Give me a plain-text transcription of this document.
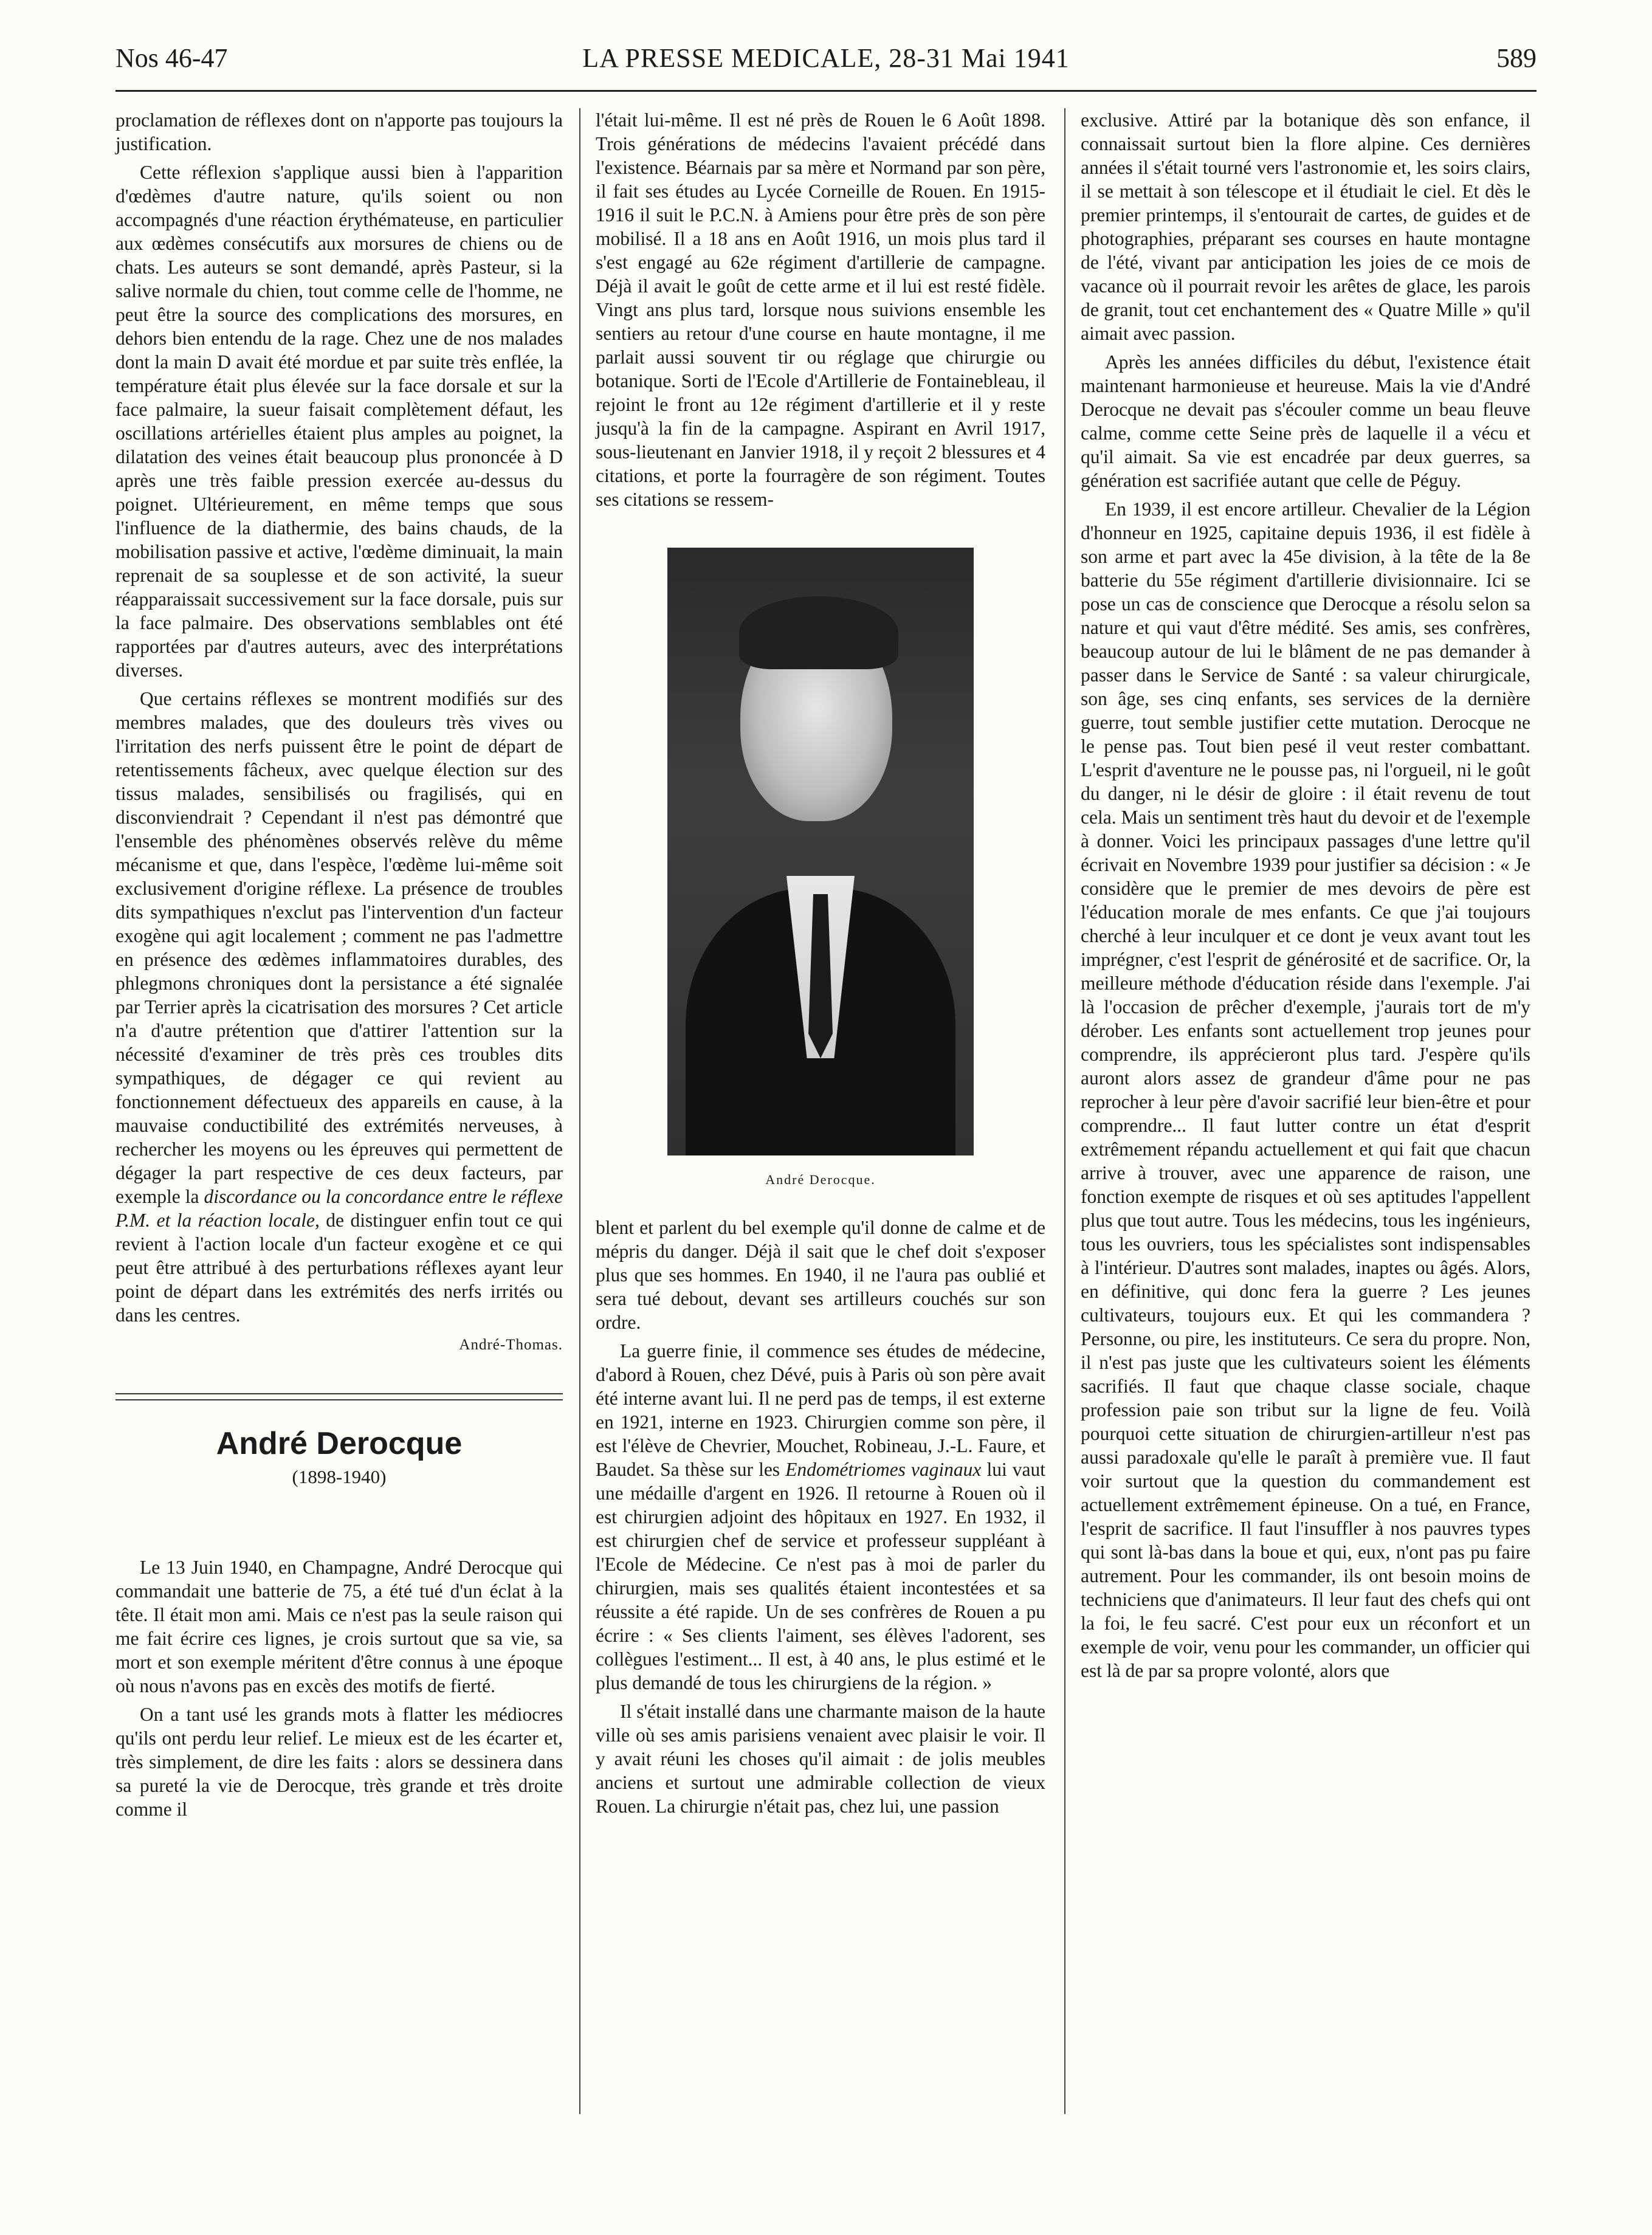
Nos 46-47	LA PRESSE MEDICALE, 28-31 Mai 1941	589

proclamation de réflexes dont on n'apporte pas toujours la justification.

Cette réflexion s'applique aussi bien à l'apparition d'œdèmes d'autre nature, qu'ils soient ou non accompagnés d'une réaction érythémateuse, en particulier aux œdèmes consécutifs aux morsures de chiens ou de chats. Les auteurs se sont demandé, après Pasteur, si la salive normale du chien, tout comme celle de l'homme, ne peut être la source des complications des morsures, en dehors bien entendu de la rage. Chez une de nos malades dont la main D avait été mordue et par suite très enflée, la température était plus élevée sur la face dorsale et sur la face palmaire, la sueur faisait complètement défaut, les oscillations artérielles étaient plus amples au poignet, la dilatation des veines était beaucoup plus prononcée à D après une très faible pression exercée au-dessus du poignet. Ultérieurement, en même temps que sous l'influence de la diathermie, des bains chauds, de la mobilisation passive et active, l'œdème diminuait, la main reprenait de sa souplesse et de son activité, la sueur réapparaissait successivement sur la face dorsale, puis sur la face palmaire. Des observations semblables ont été rapportées par d'autres auteurs, avec des interprétations diverses.

Que certains réflexes se montrent modifiés sur des membres malades, que des douleurs très vives ou l'irritation des nerfs puissent être le point de départ de retentissements fâcheux, avec quelque élection sur des tissus malades, sensibilisés ou fragilisés, qui en disconviendrait ? Cependant il n'est pas démontré que l'ensemble des phénomènes observés relève du même mécanisme et que, dans l'espèce, l'œdème lui-même soit exclusivement d'origine réflexe. La présence de troubles dits sympathiques n'exclut pas l'intervention d'un facteur exogène qui agit localement ; comment ne pas l'admettre en présence des œdèmes inflammatoires durables, des phlegmons chroniques dont la persistance a été signalée par Terrier après la cicatrisation des morsures ? Cet article n'a d'autre prétention que d'attirer l'attention sur la nécessité d'examiner de très près ces troubles dits sympathiques, de dégager ce qui revient au fonctionnement défectueux des appareils en cause, à la mauvaise conductibilité des extrémités nerveuses, à rechercher les moyens ou les épreuves qui permettent de dégager la part respective de ces deux facteurs, par exemple la discordance ou la concordance entre le réflexe P.M. et la réaction locale, de distinguer enfin tout ce qui revient à l'action locale d'un facteur exogène et ce qui peut être attribué à des perturbations réflexes ayant leur point de départ dans les extrémités des nerfs irrités ou dans les centres.

André-Thomas.
André Derocque
(1898-1940)

Le 13 Juin 1940, en Champagne, André Derocque qui commandait une batterie de 75, a été tué d'un éclat à la tête. Il était mon ami. Mais ce n'est pas la seule raison qui me fait écrire ces lignes, je crois surtout que sa vie, sa mort et son exemple méritent d'être connus à une époque où nous n'avons pas en excès des motifs de fierté.

On a tant usé les grands mots à flatter les médiocres qu'ils ont perdu leur relief. Le mieux est de les écarter et, très simplement, de dire les faits : alors se dessinera dans sa pureté la vie de Derocque, très grande et très droite comme il

l'était lui-même. Il est né près de Rouen le 6 Août 1898. Trois générations de médecins l'avaient précédé dans l'existence. Béarnais par sa mère et Normand par son père, il fait ses études au Lycée Corneille de Rouen. En 1915-1916 il suit le P.C.N. à Amiens pour être près de son père mobilisé. Il a 18 ans en Août 1916, un mois plus tard il s'est engagé au 62e régiment d'artillerie de campagne. Déjà il avait le goût de cette arme et il lui est resté fidèle. Vingt ans plus tard, lorsque nous suivions ensemble les sentiers au retour d'une course en haute montagne, il me parlait aussi souvent tir ou réglage que chirurgie ou botanique. Sorti de l'Ecole d'Artillerie de Fontainebleau, il rejoint le front au 12e régiment d'artillerie et il y reste jusqu'à la fin de la campagne. Aspirant en Avril 1917, sous-lieutenant en Janvier 1918, il y reçoit 2 blessures et 4 citations, et porte la fourragère de son régiment. Toutes ses citations se ressem-

André Derocque.

blent et parlent du bel exemple qu'il donne de calme et de mépris du danger. Déjà il sait que le chef doit s'exposer plus que ses hommes. En 1940, il ne l'aura pas oublié et sera tué debout, devant ses artilleurs couchés sur son ordre.

La guerre finie, il commence ses études de médecine, d'abord à Rouen, chez Dévé, puis à Paris où son père avait été interne avant lui. Il ne perd pas de temps, il est externe en 1921, interne en 1923. Chirurgien comme son père, il est l'élève de Chevrier, Mouchet, Robineau, J.-L. Faure, et Baudet. Sa thèse sur les Endométriomes vaginaux lui vaut une médaille d'argent en 1926. Il retourne à Rouen où il est chirurgien adjoint des hôpitaux en 1927. En 1932, il est chirurgien chef de service et professeur suppléant à l'Ecole de Médecine. Ce n'est pas à moi de parler du chirurgien, mais ses qualités étaient incontestées et sa réussite a été rapide. Un de ses confrères de Rouen a pu écrire : « Ses clients l'aiment, ses élèves l'adorent, ses collègues l'estiment... Il est, à 40 ans, le plus estimé et le plus demandé de tous les chirurgiens de la région. »

Il s'était installé dans une charmante maison de la haute ville où ses amis parisiens venaient avec plaisir le voir. Il y avait réuni les choses qu'il aimait : de jolis meubles anciens et surtout une admirable collection de vieux Rouen. La chirurgie n'était pas, chez lui, une passion

exclusive. Attiré par la botanique dès son enfance, il connaissait surtout bien la flore alpine. Ces dernières années il s'était tourné vers l'astronomie et, les soirs clairs, il se mettait à son télescope et il étudiait le ciel. Et dès le premier printemps, il s'entourait de cartes, de guides et de photographies, préparant ses courses en haute montagne de l'été, vivant par anticipation les joies de ce mois de vacance où il pourrait revoir les arêtes de glace, les parois de granit, tout cet enchantement des « Quatre Mille » qu'il aimait avec passion.

Après les années difficiles du début, l'existence était maintenant harmonieuse et heureuse. Mais la vie d'André Derocque ne devait pas s'écouler comme un beau fleuve calme, comme cette Seine près de laquelle il a vécu et qu'il aimait. Sa vie est encadrée par deux guerres, sa génération est sacrifiée autant que celle de Péguy.

En 1939, il est encore artilleur. Chevalier de la Légion d'honneur en 1925, capitaine depuis 1936, il est fidèle à son arme et part avec la 45e division, à la tête de la 8e batterie du 55e régiment d'artillerie divisionnaire. Ici se pose un cas de conscience que Derocque a résolu selon sa nature et qui vaut d'être médité. Ses amis, ses confrères, beaucoup autour de lui le blâment de ne pas demander à passer dans le Service de Santé : sa valeur chirurgicale, son âge, ses cinq enfants, ses services de la dernière guerre, tout semble justifier cette mutation. Derocque ne le pense pas. Tout bien pesé il veut rester combattant. L'esprit d'aventure ne le pousse pas, ni l'orgueil, ni le goût du danger, ni le désir de gloire : il était revenu de tout cela. Mais un sentiment très haut du devoir et de l'exemple à donner. Voici les principaux passages d'une lettre qu'il écrivait en Novembre 1939 pour justifier sa décision : « Je considère que le premier de mes devoirs de père est l'éducation morale de mes enfants. Ce que j'ai toujours cherché à leur inculquer et ce dont je veux avant tout les imprégner, c'est l'esprit de générosité et de sacrifice. Or, la meilleure méthode d'éducation réside dans l'exemple. J'ai là l'occasion de prêcher d'exemple, j'aurais tort de m'y dérober. Les enfants sont actuellement trop jeunes pour comprendre, ils apprécieront plus tard. J'espère qu'ils auront alors assez de grandeur d'âme pour ne pas reprocher à leur père d'avoir sacrifié leur bien-être et pour comprendre... Il faut lutter contre un état d'esprit extrêmement répandu actuellement et qui fait que chacun arrive à trouver, avec une apparence de raison, une fonction exempte de risques et où ses aptitudes l'appellent plus que tout autre. Tous les médecins, tous les ingénieurs, tous les ouvriers, tous les spécialistes sont indispensables à l'intérieur. D'autres sont malades, inaptes ou âgés. Alors, en définitive, qui donc fera la guerre ? Les jeunes cultivateurs, toujours eux. Et qui les commandera ? Personne, ou pire, les instituteurs. Ce sera du propre. Non, il n'est pas juste que les cultivateurs soient les éléments sacrifiés. Il faut que chaque classe sociale, chaque profession paie son tribut sur la ligne de feu. Voilà pourquoi cette situation de chirurgien-artilleur n'est pas aussi paradoxale qu'elle le paraît à première vue. Il faut voir surtout que la question du commandement est actuellement extrêmement épineuse. On a tué, en France, l'esprit de sacrifice. Il faut l'insuffler à nos pauvres types qui sont là-bas dans la boue et qui, eux, n'ont pas pu faire autrement. Pour les commander, ils ont besoin moins de techniciens que d'animateurs. Il leur faut des chefs qui ont la foi, le feu sacré. C'est pour eux un réconfort et un exemple de voir, venu pour les commander, un officier qui est là de par sa propre volonté, alors que
